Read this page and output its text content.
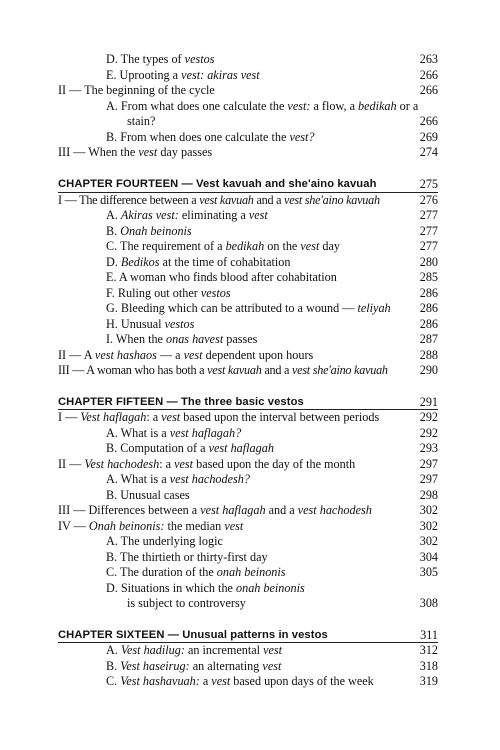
D. The types of vestos	263
E. Uprooting a vest: akiras vest	266
II — The beginning of the cycle	266
A. From what does one calculate the vest: a flow, a bedikah or a
stain?	266
B. From when does one calculate the vest?	269
III — When the vest day passes	274
CHAPTER FOURTEEN — Vest kavuah and she'aino kavuah	275
I — The difference between a vest kavuah and a vest she'aino kavuah	276
A. Akiras vest: eliminating a vest	277
B. Onah beinonis	277
C. The requirement of a bedikah on the vest day	277
D. Bedikos at the time of cohabitation	280
E. A woman who finds blood after cohabitation	285
F. Ruling out other vestos	286
G. Bleeding which can be attributed to a wound — teliyah 286
H. Unusual vestos	286
I. When the onas havest passes	287
II — A vest hashaos — a vest dependent upon hours	288
III — A woman who has both a vest kavuah and a vest she'aino kavuah	290
CHAPTER FIFTEEN — The three basic vestos	291
I — Vest haflagah: a vest based upon the interval between periods	292
A. What is a vest haflagah?	292
B. Computation of a vest haflagah	293
II — Vest hachodesh: a vest based upon the day of the month	297
A. What is a vest hachodesh?	297
B. Unusual cases	298
III — Differences between a vest haflagah and a vest hachodesh	302
IV — Onah beinonis: the median vest	302
A. The underlying logic	302
B. The thirtieth or thirty-first day	304
C. The duration of the onah beinonis	305
D. Situations in which the onah beinonis
is subject to controversy	308
CHAPTER SIXTEEN — Unusual patterns in vestos	311
A. Vest hadilug: an incremental vest	312
B. Vest haseirug: an alternating vest	318
C. Vest hashavuah: a vest based upon days of the week	319
